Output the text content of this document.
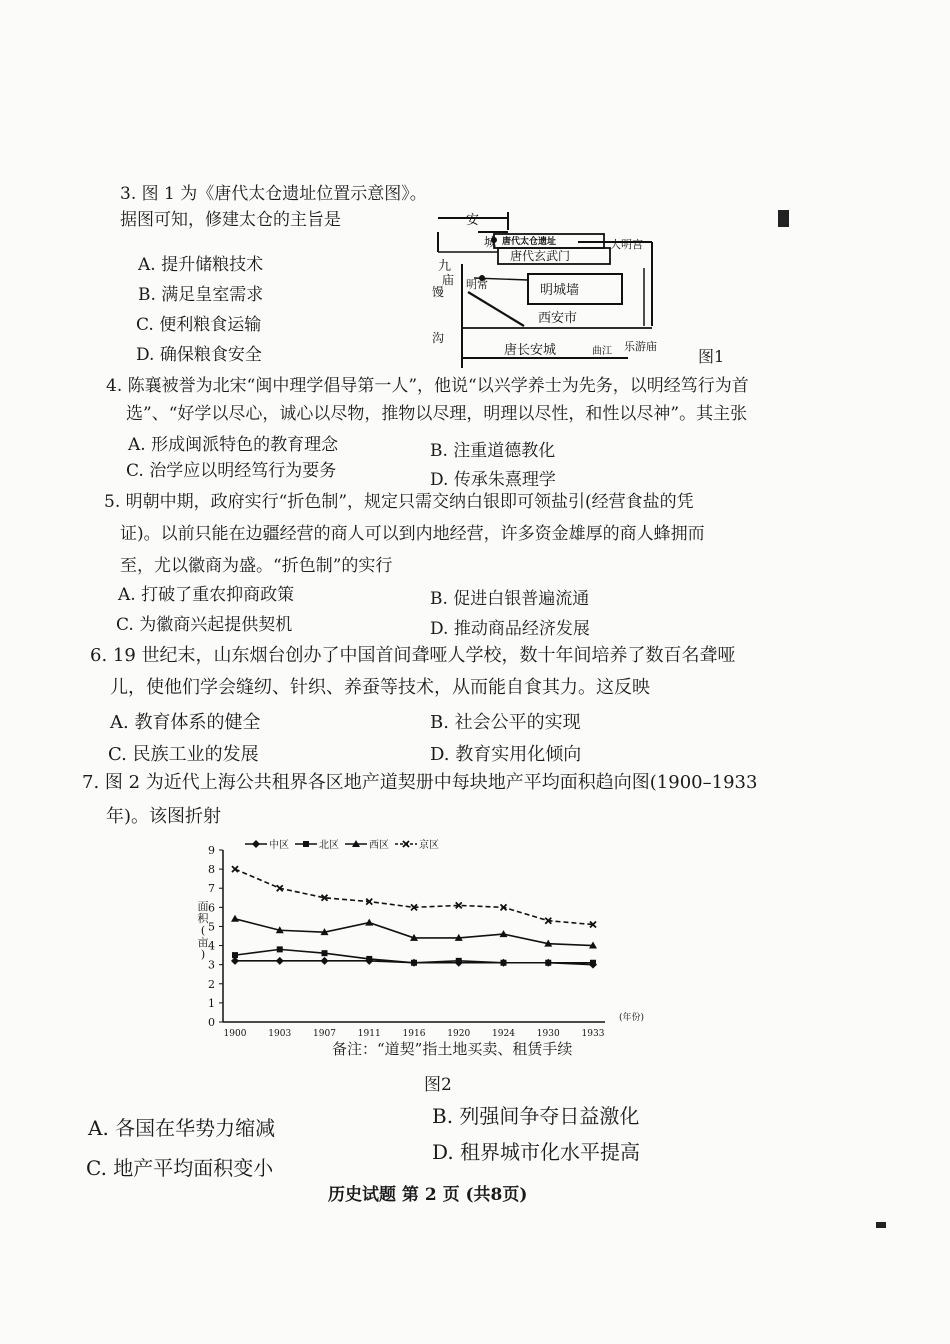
3. 图 1 为《唐代太仓遗址位置示意图》。

据图可知，修建太仓的主旨是

A. 提升储粮技术
B. 满足皇室需求
C. 便利粮食运输
D. 确保粮食安全
安
城 唐代太仓遗址	大明宫
唐代玄武门
九
庙
馒
明常	明城墙
西安市
沟
唐长安城	曲江 乐游庙
图1

4. 陈襄被誉为北宋“闽中理学倡导第一人”，他说“以兴学养士为先务，以明经笃行为首

选”、“好学以尽心，诚心以尽物，推物以尽理，明理以尽性，和性以尽神”。其主张

A. 形成闽派特色的教育理念	B. 注重道德教化
C. 治学应以明经笃行为要务	D. 传承朱熹理学

5. 明朝中期，政府实行“折色制”，规定只需交纳白银即可领盐引(经营食盐的凭

证)。以前只能在边疆经营的商人可以到内地经营，许多资金雄厚的商人蜂拥而

至，尤以徽商为盛。“折色制”的实行

A. 打破了重农抑商政策	B. 促进白银普遍流通
C. 为徽商兴起提供契机	D. 推动商品经济发展

6. 19 世纪末，山东烟台创办了中国首间聋哑人学校，数十年间培养了数百名聋哑

儿，使他们学会缝纫、针织、养蚕等技术，从而能自食其力。这反映

A. 教育体系的健全	B. 社会公平的实现
C. 民族工业的发展	D. 教育实用化倾向

7. 图 2 为近代上海公共租界各区地产道契册中每块地产平均面积趋向图(1900–1933

年)。该图折射

0
1
2
3
4
5
6
7
8
9
1900 1903 1907 1911 1916 1920 1924 1930 1933
(年份)
面
积
(
亩
)
中区	北区	西区	京区
备注：“道契”指土地买卖、租赁手续
图2
A. 各国在华势力缩减	B. 列强间争夺日益激化
C. 地产平均面积变小
D. 租界城市化水平提高
历史试题 第 2 页 (共8页)
